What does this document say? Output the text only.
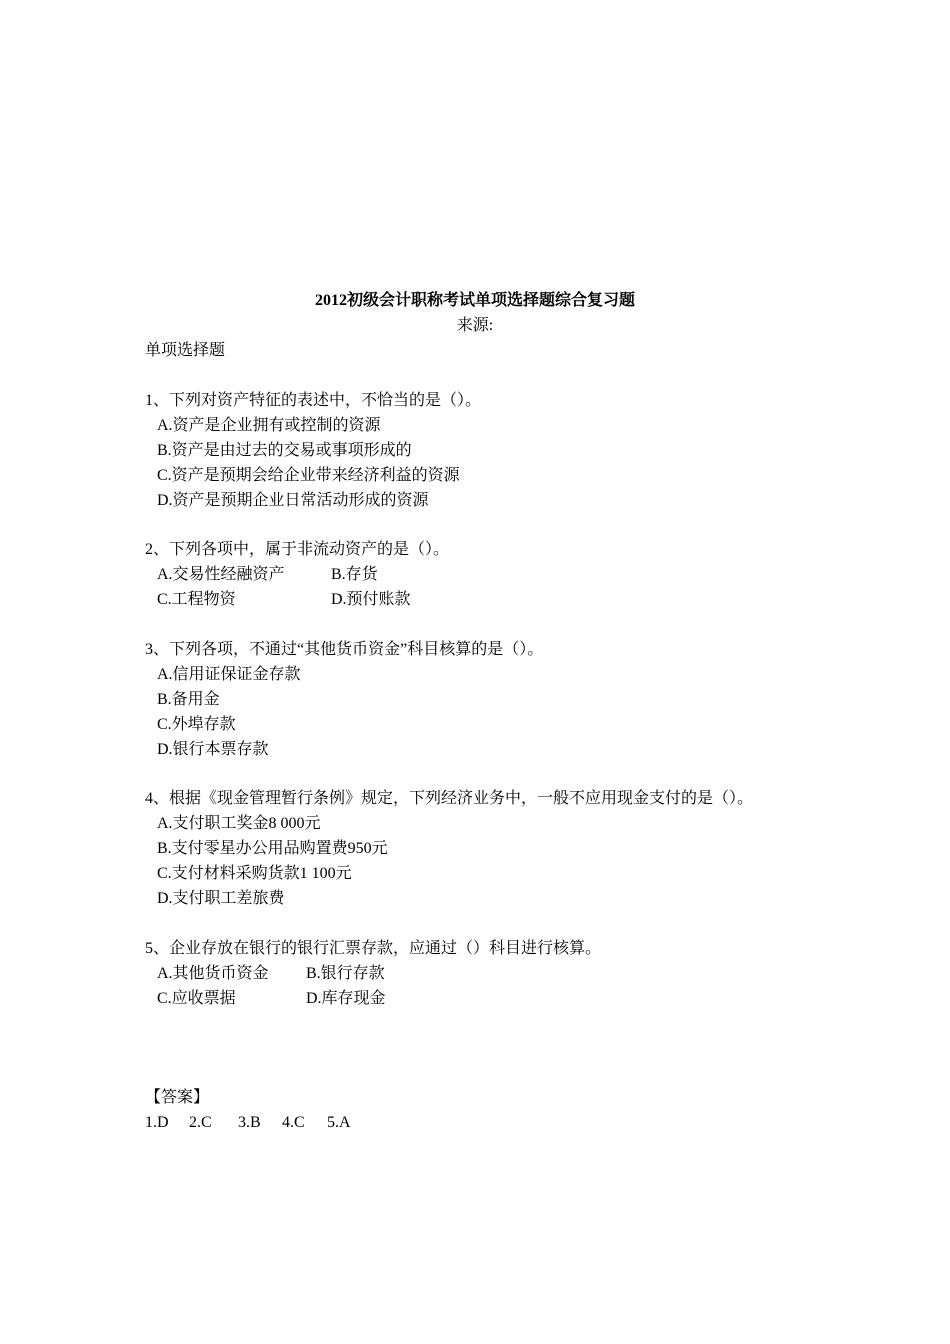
2012初级会计职称考试单项选择题综合复习题
来源:
单项选择题
1、下列对资产特征的表述中，不恰当的是（）。
A.资产是企业拥有或控制的资源
B.资产是由过去的交易或事项形成的
C.资产是预期会给企业带来经济利益的资源
D.资产是预期企业日常活动形成的资源
2、下列各项中，属于非流动资产的是（）。
A.交易性经融资产	B.存货
C.工程物资	D.预付账款
3、下列各项，不通过“其他货币资金”科目核算的是（）。
A.信用证保证金存款
B.备用金
C.外埠存款
D.银行本票存款
4、根据《现金管理暂行条例》规定，下列经济业务中，一般不应用现金支付的是（）。
A.支付职工奖金8 000元
B.支付零星办公用品购置费950元
C.支付材料采购货款1 100元
D.支付职工差旅费
5、企业存放在银行的银行汇票存款，应通过（）科目进行核算。
A.其他货币资金 B.银行存款
C.应收票据	D.库存现金
【答案】
1.D 2.C 3.B 4.C 5.A
